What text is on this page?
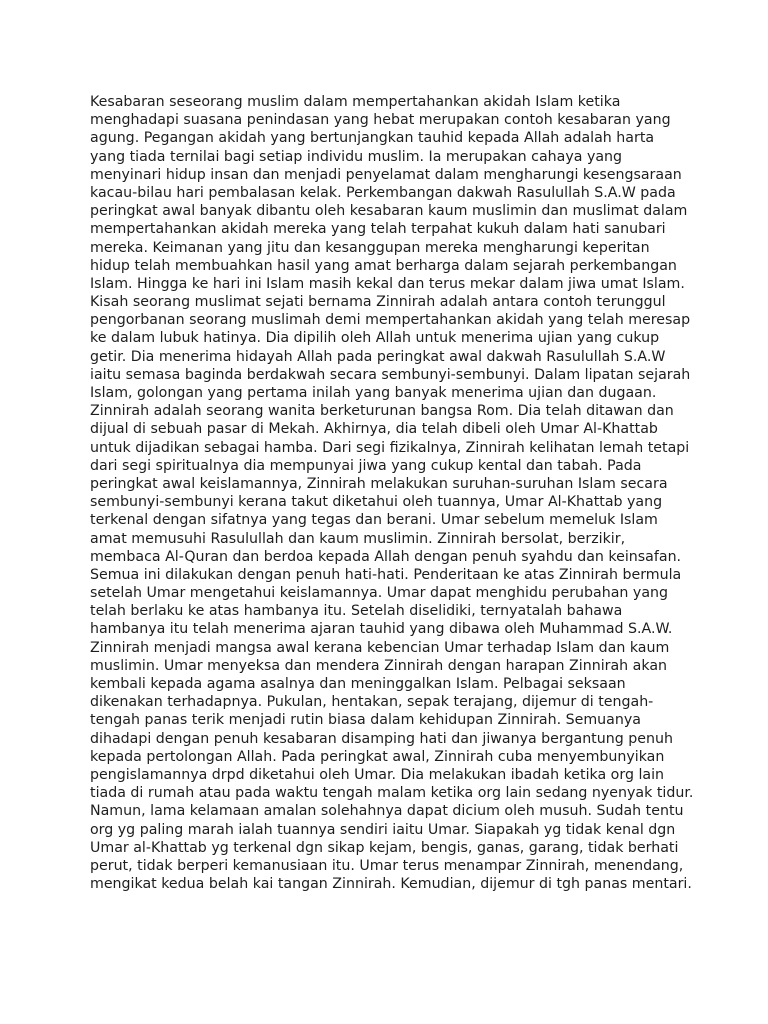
Kesabaran seseorang muslim dalam mempertahankan akidah Islam ketika
menghadapi suasana penindasan yang hebat merupakan contoh kesabaran yang
agung. Pegangan akidah yang bertunjangkan tauhid kepada Allah adalah harta
yang tiada ternilai bagi setiap individu muslim. Ia merupakan cahaya yang
menyinari hidup insan dan menjadi penyelamat dalam mengharungi kesengsaraan
kacau-bilau hari pembalasan kelak. Perkembangan dakwah Rasulullah S.A.W pada
peringkat awal banyak dibantu oleh kesabaran kaum muslimin dan muslimat dalam
mempertahankan akidah mereka yang telah terpahat kukuh dalam hati sanubari
mereka. Keimanan yang jitu dan kesanggupan mereka mengharungi keperitan
hidup telah membuahkan hasil yang amat berharga dalam sejarah perkembangan
Islam. Hingga ke hari ini Islam masih kekal dan terus mekar dalam jiwa umat Islam.
Kisah seorang muslimat sejati bernama Zinnirah adalah antara contoh terunggul
pengorbanan seorang muslimah demi mempertahankan akidah yang telah meresap
ke dalam lubuk hatinya. Dia dipilih oleh Allah untuk menerima ujian yang cukup
getir. Dia menerima hidayah Allah pada peringkat awal dakwah Rasulullah S.A.W
iaitu semasa baginda berdakwah secara sembunyi-sembunyi. Dalam lipatan sejarah
Islam, golongan yang pertama inilah yang banyak menerima ujian dan dugaan.
Zinnirah adalah seorang wanita berketurunan bangsa Rom. Dia telah ditawan dan
dijual di sebuah pasar di Mekah. Akhirnya, dia telah dibeli oleh Umar Al-Khattab
untuk dijadikan sebagai hamba. Dari segi fizikalnya, Zinnirah kelihatan lemah tetapi
dari segi spiritualnya dia mempunyai jiwa yang cukup kental dan tabah. Pada
peringkat awal keislamannya, Zinnirah melakukan suruhan-suruhan Islam secara
sembunyi-sembunyi kerana takut diketahui oleh tuannya, Umar Al-Khattab yang
terkenal dengan sifatnya yang tegas dan berani. Umar sebelum memeluk Islam
amat memusuhi Rasulullah dan kaum muslimin. Zinnirah bersolat, berzikir,
membaca Al-Quran dan berdoa kepada Allah dengan penuh syahdu dan keinsafan.
Semua ini dilakukan dengan penuh hati-hati. Penderitaan ke atas Zinnirah bermula
setelah Umar mengetahui keislamannya. Umar dapat menghidu perubahan yang
telah berlaku ke atas hambanya itu. Setelah diselidiki, ternyatalah bahawa
hambanya itu telah menerima ajaran tauhid yang dibawa oleh Muhammad S.A.W.
Zinnirah menjadi mangsa awal kerana kebencian Umar terhadap Islam dan kaum
muslimin. Umar menyeksa dan mendera Zinnirah dengan harapan Zinnirah akan
kembali kepada agama asalnya dan meninggalkan Islam. Pelbagai seksaan
dikenakan terhadapnya. Pukulan, hentakan, sepak terajang, dijemur di tengah-
tengah panas terik menjadi rutin biasa dalam kehidupan Zinnirah. Semuanya
dihadapi dengan penuh kesabaran disamping hati dan jiwanya bergantung penuh
kepada pertolongan Allah. Pada peringkat awal, Zinnirah cuba menyembunyikan
pengislamannya drpd diketahui oleh Umar. Dia melakukan ibadah ketika org lain
tiada di rumah atau pada waktu tengah malam ketika org lain sedang nyenyak tidur.
Namun, lama kelamaan amalan solehahnya dapat dicium oleh musuh. Sudah tentu
org yg paling marah ialah tuannya sendiri iaitu Umar. Siapakah yg tidak kenal dgn
Umar al-Khattab yg terkenal dgn sikap kejam, bengis, ganas, garang, tidak berhati
perut, tidak berperi kemanusiaan itu. Umar terus menampar Zinnirah, menendang,
mengikat kedua belah kai tangan Zinnirah. Kemudian, dijemur di tgh panas mentari.
